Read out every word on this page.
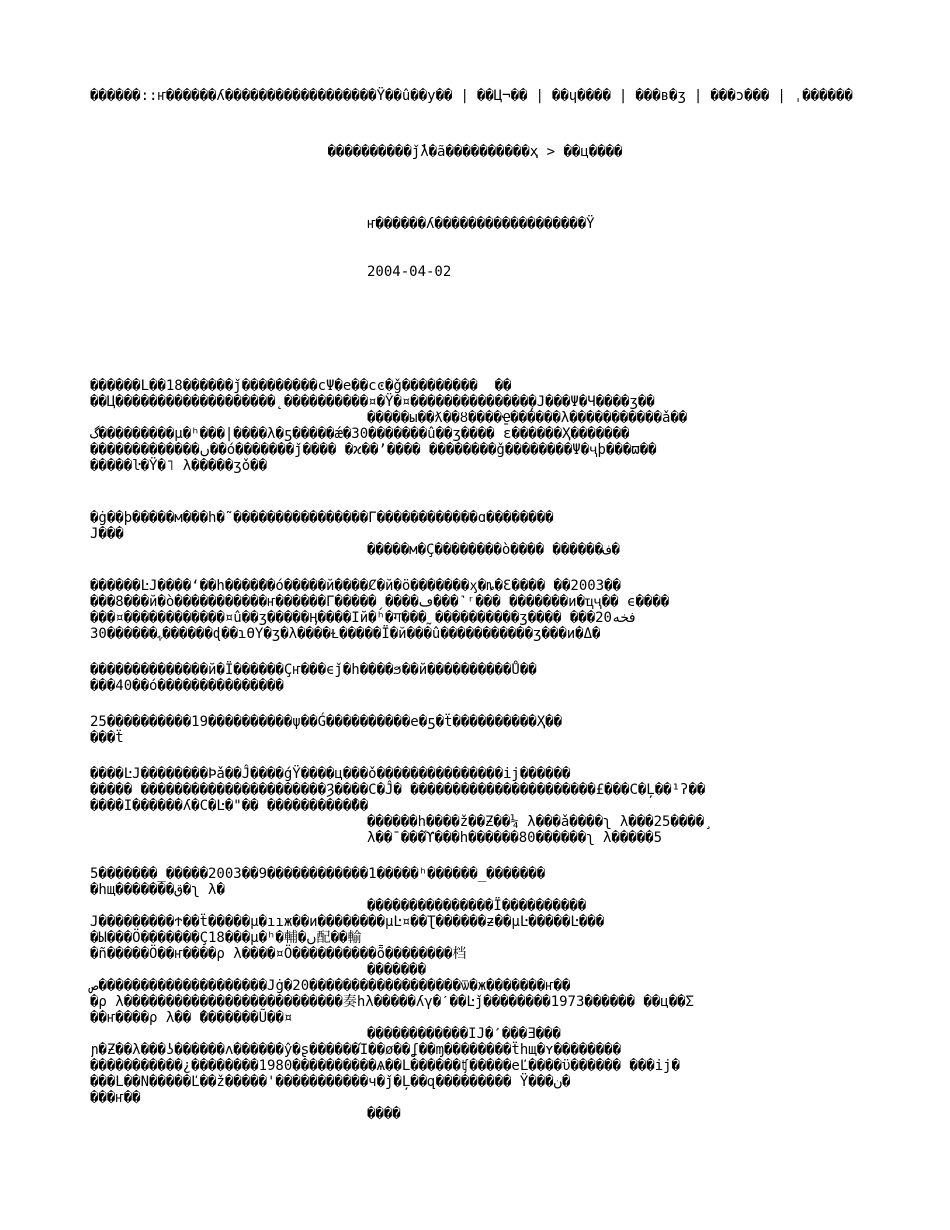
������::ҥ������ʎ������������������Ÿ��û��у�� | ��Ц¬�� | ��ɥ���� | ���в�ʒ | ���ɔ��� | ˌ������
����������ǰ̓λ�ã����������ҳ > ��ц����

ҥ������ʎ������������������Ÿ

2004-04-02

������L��18������ǰ���������cΨ�e��cͼ�ǧ���������  ��
��Ц�������������������˛����������¤�Ÿ�¤��������������̦�J���Ψ�Ч����ʒ��

�����ы��ƛ��ȣ����̱Ҽ������λ�����������ǎ��

گ���������µ�ʰ���|����λ�ƽ�����ǽ�30�������û��ʒ���� ɛ������Ҳ�������
�������������ں��ό�������ǰ���� �ϰ��ʼ���� ��������ǧ��������Ψ�ҷþ���ϖ��
�����ŀ�Ÿ�˥ λ�����ʒǒ��

�ġ��þ�����м���h�˜����������������Γ������������ɑ��������
J���

�����м�Ç��������ò���� ������ف�

������ĿJ����ʻ��h����̂��ό�����й����Ȼ�й�ö�������ӽ�ȵ�Ɛ���� ��2003��
���8���й�ò�����������ҥ������Γ�����ˏ����ڡ���˺ʳ��� �������ͷ�ҵҷ�� ϵ����
���¤������������¤û��ʒ�����Ӊ����Ιй�ʰ�ग���˷����������ʒ���� ���20فخه
30������ﮩ������ɖ��ɿӨҮ�ʒ�λ����Ɫ�����Ï�й���û�����������ʒ���и�Δ�

��������������й�Ï������Çҥ���ϵǰ�h����ϧ��й����������Ů��
���40��ό���������������

25����������19����������ψ��Ǵ����������e�ƽ�ẗ����������Ҳ��
���ẗ

����ĿJ��������Þǎ��Ĵ����ǵŸ����ц���ǒ���������������ij������
����� ����������������������Ȝ����Ϲ�Ĵ� ����������������������£���С�Ļ��¹ʔ��
����I������ʎ�С�Ŀ�"�� ����������̐��

������h����ž��Ƶ��¼ λ���ǎ����ʅ λ���25����¸
λ��¯���ϓ���h������80������ʅ λ�����5

5�������_�����2003��9������������1�����ʰ������_�������
�һщ�������ق�ʅ λ�

���������������Ï����������

J���������Ϯ��ẗ�����µ�ııж��и��������µĿ¤��Ʈ������ƶ��µĿ�����Ŀ���
�Ы���Ö�������Ç18���µ�ʰ�輔�ں配��輸
�ñ�����Ö��ҥ����ρ λ����¤Ö����������ȭ��������档

�������

ص��������������������Jġ�20������������������ѿ�ж�������ҥ��
�ρ λ��������������������������奏hλ�����ʎγ�ˊ��Ŀǰ��������1973������ ��ц��Σ
��ҥ����ρ λ�� ̃�������Ũ��¤

������������IJ�ۢ ���Ǝ���

ɲ�Ƶ��λ���ʖ������ʌ������ŷ�ʂ������Ί��ø��ʆ��ɱ��������ẗhщ�ʏ��������
�����������¿��������1980����������Ѧ��L������ʧ�����еĽ����ϋ������ ���ij�
���L��N�����Ľ��ž�����'�����������ч�ǰ�Ļ��զ��������� Ϋ���ن�
���ҥ��

����
